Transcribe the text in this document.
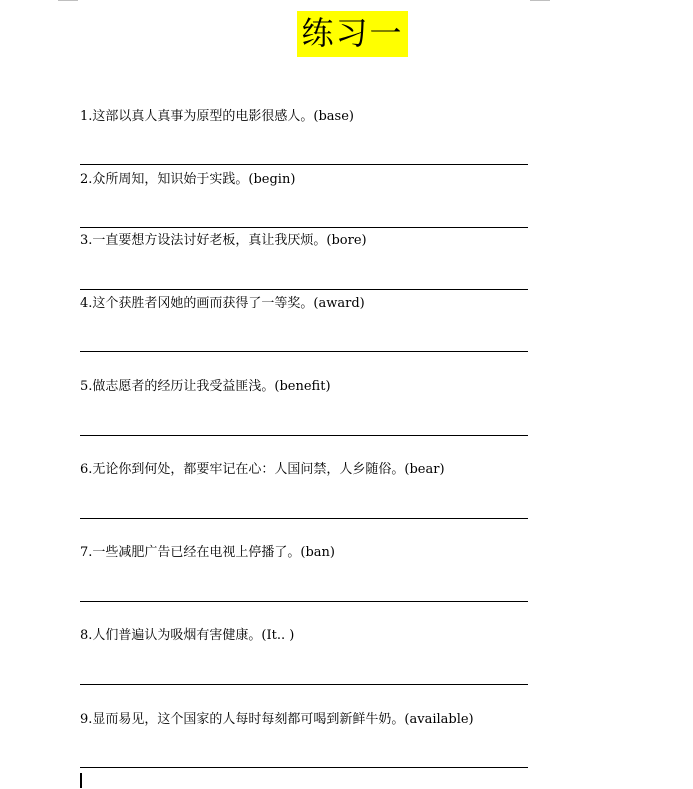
练习一
1.这部以真人真事为原型的电影很感人。(base)
2.众所周知，知识始于实践。(begin)
3.一直要想方设法讨好老板，真让我厌烦。(bore)
4.这个获胜者冈她的画而获得了一等奖。(award)
5.做志愿者的经历让我受益匪浅。(benefit)
6.无论你到何处，都要牢记在心：人国问禁，人乡随俗。(bear)
7.一些减肥广告已经在电视上停播了。(ban)
8.人们普遍认为吸烟有害健康。(It.. )
9.显而易见，这个国家的人每时每刻都可喝到新鲜牛奶。(available)
